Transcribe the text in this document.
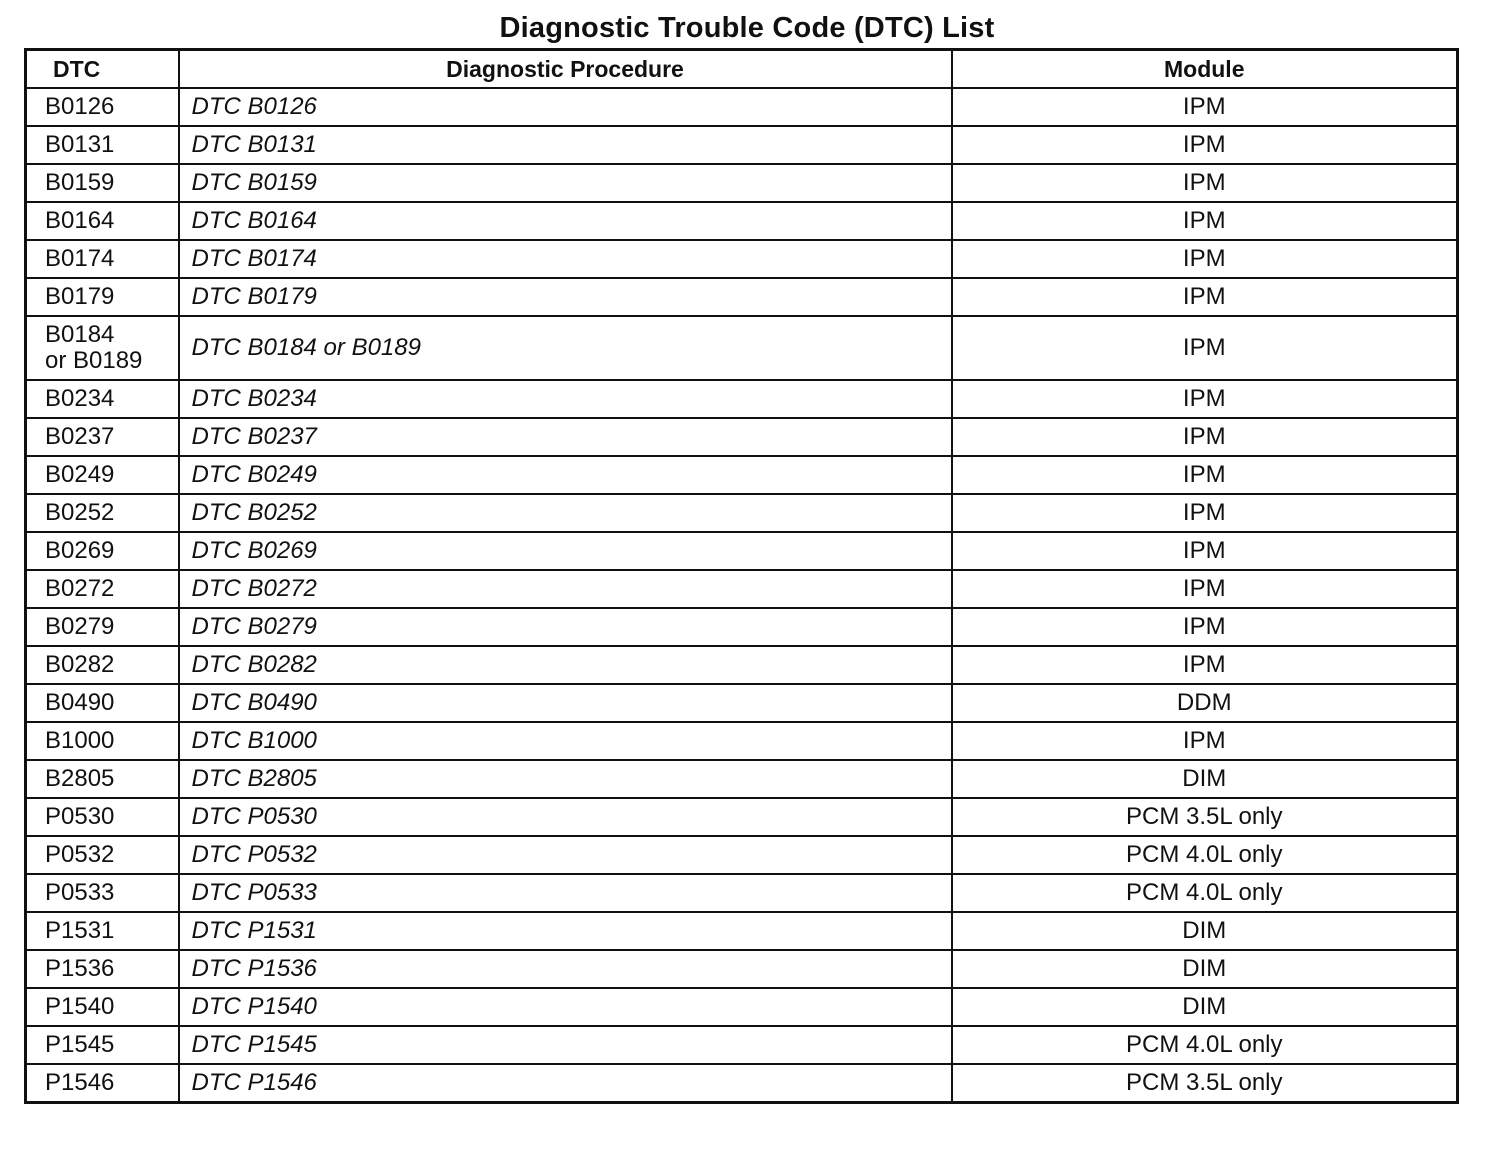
Diagnostic Trouble Code (DTC) List
DTC	Diagnostic Procedure	Module
B0126	DTC B0126	IPM
B0131	DTC B0131	IPM
B0159	DTC B0159	IPM
B0164	DTC B0164	IPM
B0174	DTC B0174	IPM
B0179	DTC B0179	IPM
B0184
or B0189	DTC B0184 or B0189	IPM
B0234	DTC B0234	IPM
B0237	DTC B0237	IPM
B0249	DTC B0249	IPM
B0252	DTC B0252	IPM
B0269	DTC B0269	IPM
B0272	DTC B0272	IPM
B0279	DTC B0279	IPM
B0282	DTC B0282	IPM
B0490	DTC B0490	DDM
B1000	DTC B1000	IPM
B2805	DTC B2805	DIM
P0530	DTC P0530	PCM 3.5L only
P0532	DTC P0532	PCM 4.0L only
P0533	DTC P0533	PCM 4.0L only
P1531	DTC P1531	DIM
P1536	DTC P1536	DIM
P1540	DTC P1540	DIM
P1545	DTC P1545	PCM 4.0L only
P1546	DTC P1546	PCM 3.5L only
